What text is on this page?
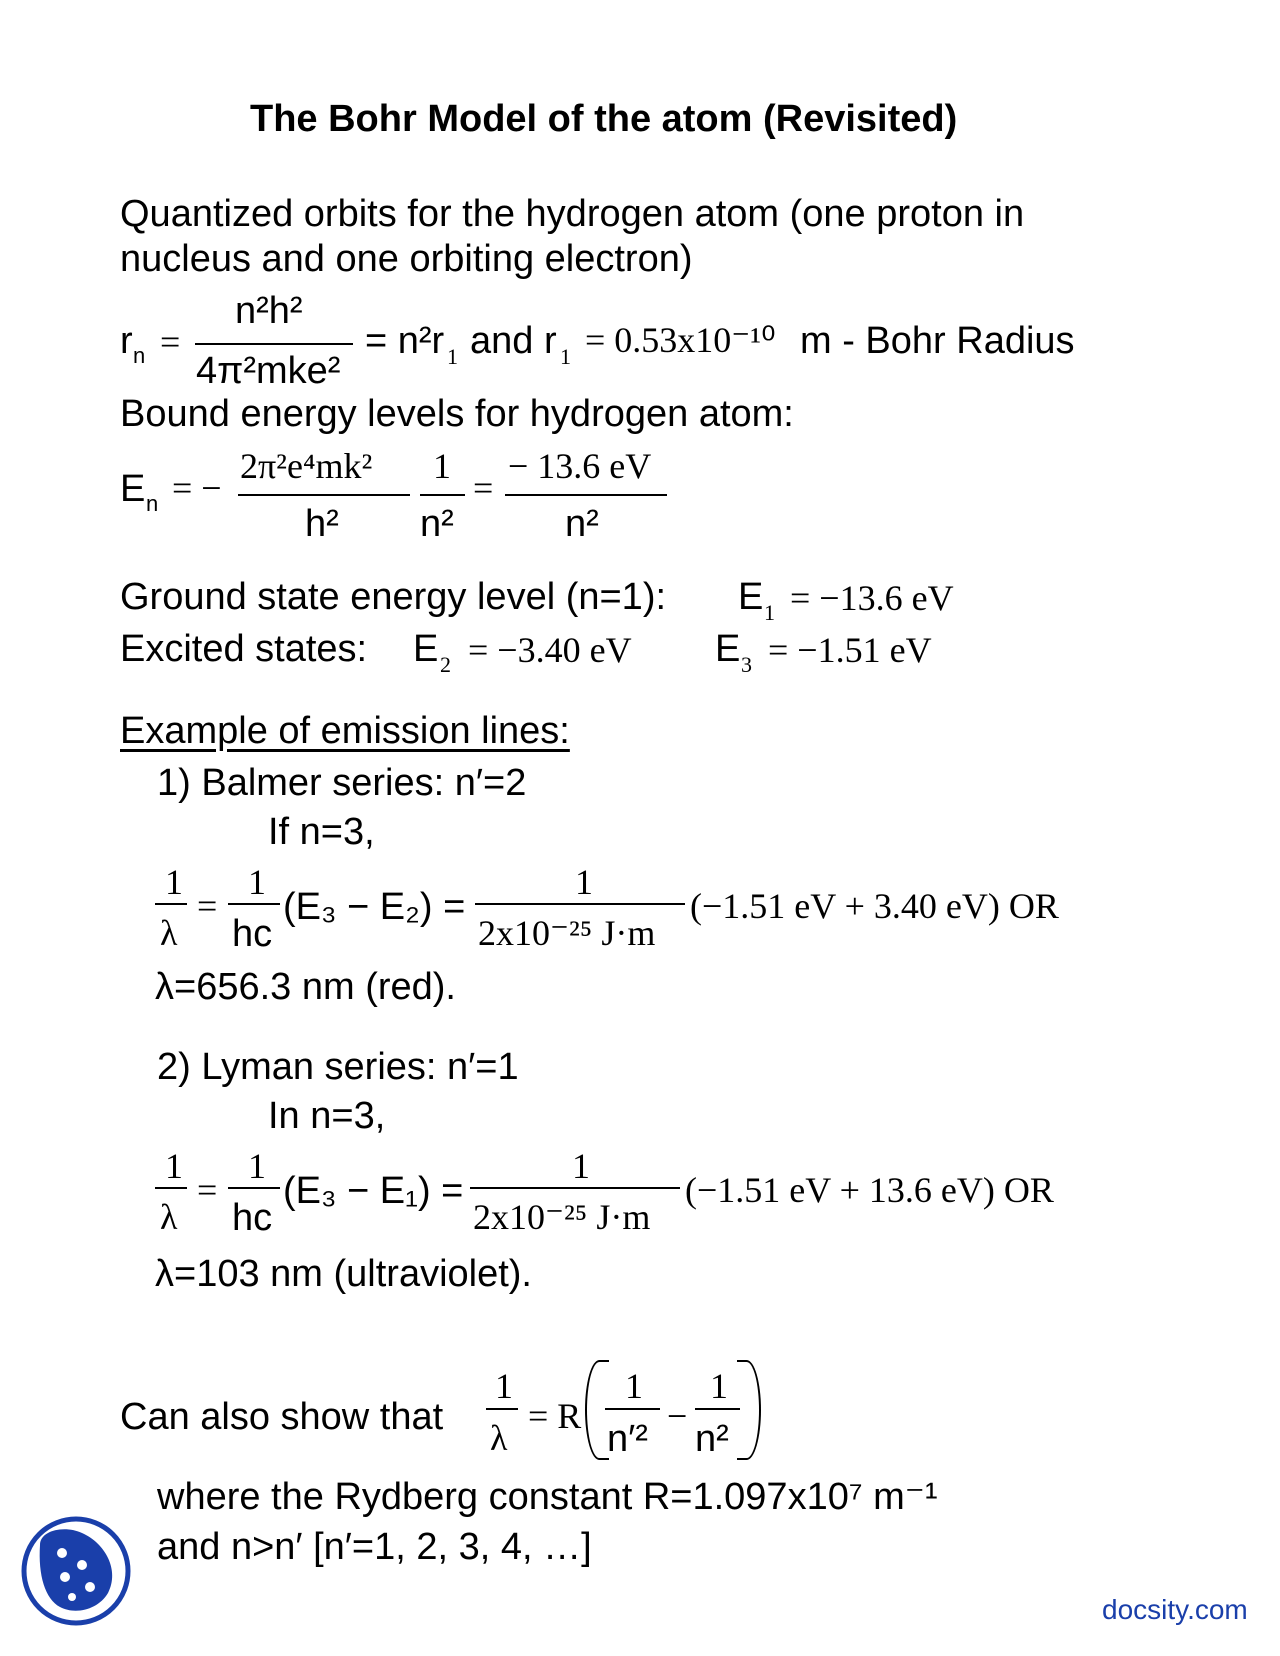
The Bohr Model of the atom (Revisited)
Quantized orbits for the hydrogen atom (one proton in
nucleus and one orbiting electron)
r n =
n²h²
4π²mke²
= n²r 1 and r 1 = 0.53x10⁻¹⁰ m - Bohr Radius
Bound energy levels for hydrogen atom:
E n = −
2π²e⁴mk²
h²
1
n²
=
− 13.6 eV
n²
Ground state energy level (n=1): E 1 = −13.6 eV
Excited states: E 2 = −3.40 eV E 3 = −1.51 eV
Example of emission lines:
1) Balmer series: n′=2
If n=3,
1
λ
=
1
hc
(E₃ − E₂) =
1
2x10⁻²⁵ J·m
(−1.51 eV + 3.40 eV) OR
λ=656.3 nm (red).
2) Lyman series: n′=1
In n=3,
1
λ
=
1
hc
(E₃ − E₁) =
1
2x10⁻²⁵ J·m
(−1.51 eV + 13.6 eV) OR
λ=103 nm (ultraviolet).
Can also show that
1
λ
= R
1
n′²
−
1
n²
where the Rydberg constant R=1.097x10⁷ m⁻¹
and n>n′ [n′=1, 2, 3, 4, …]
docsity.com
